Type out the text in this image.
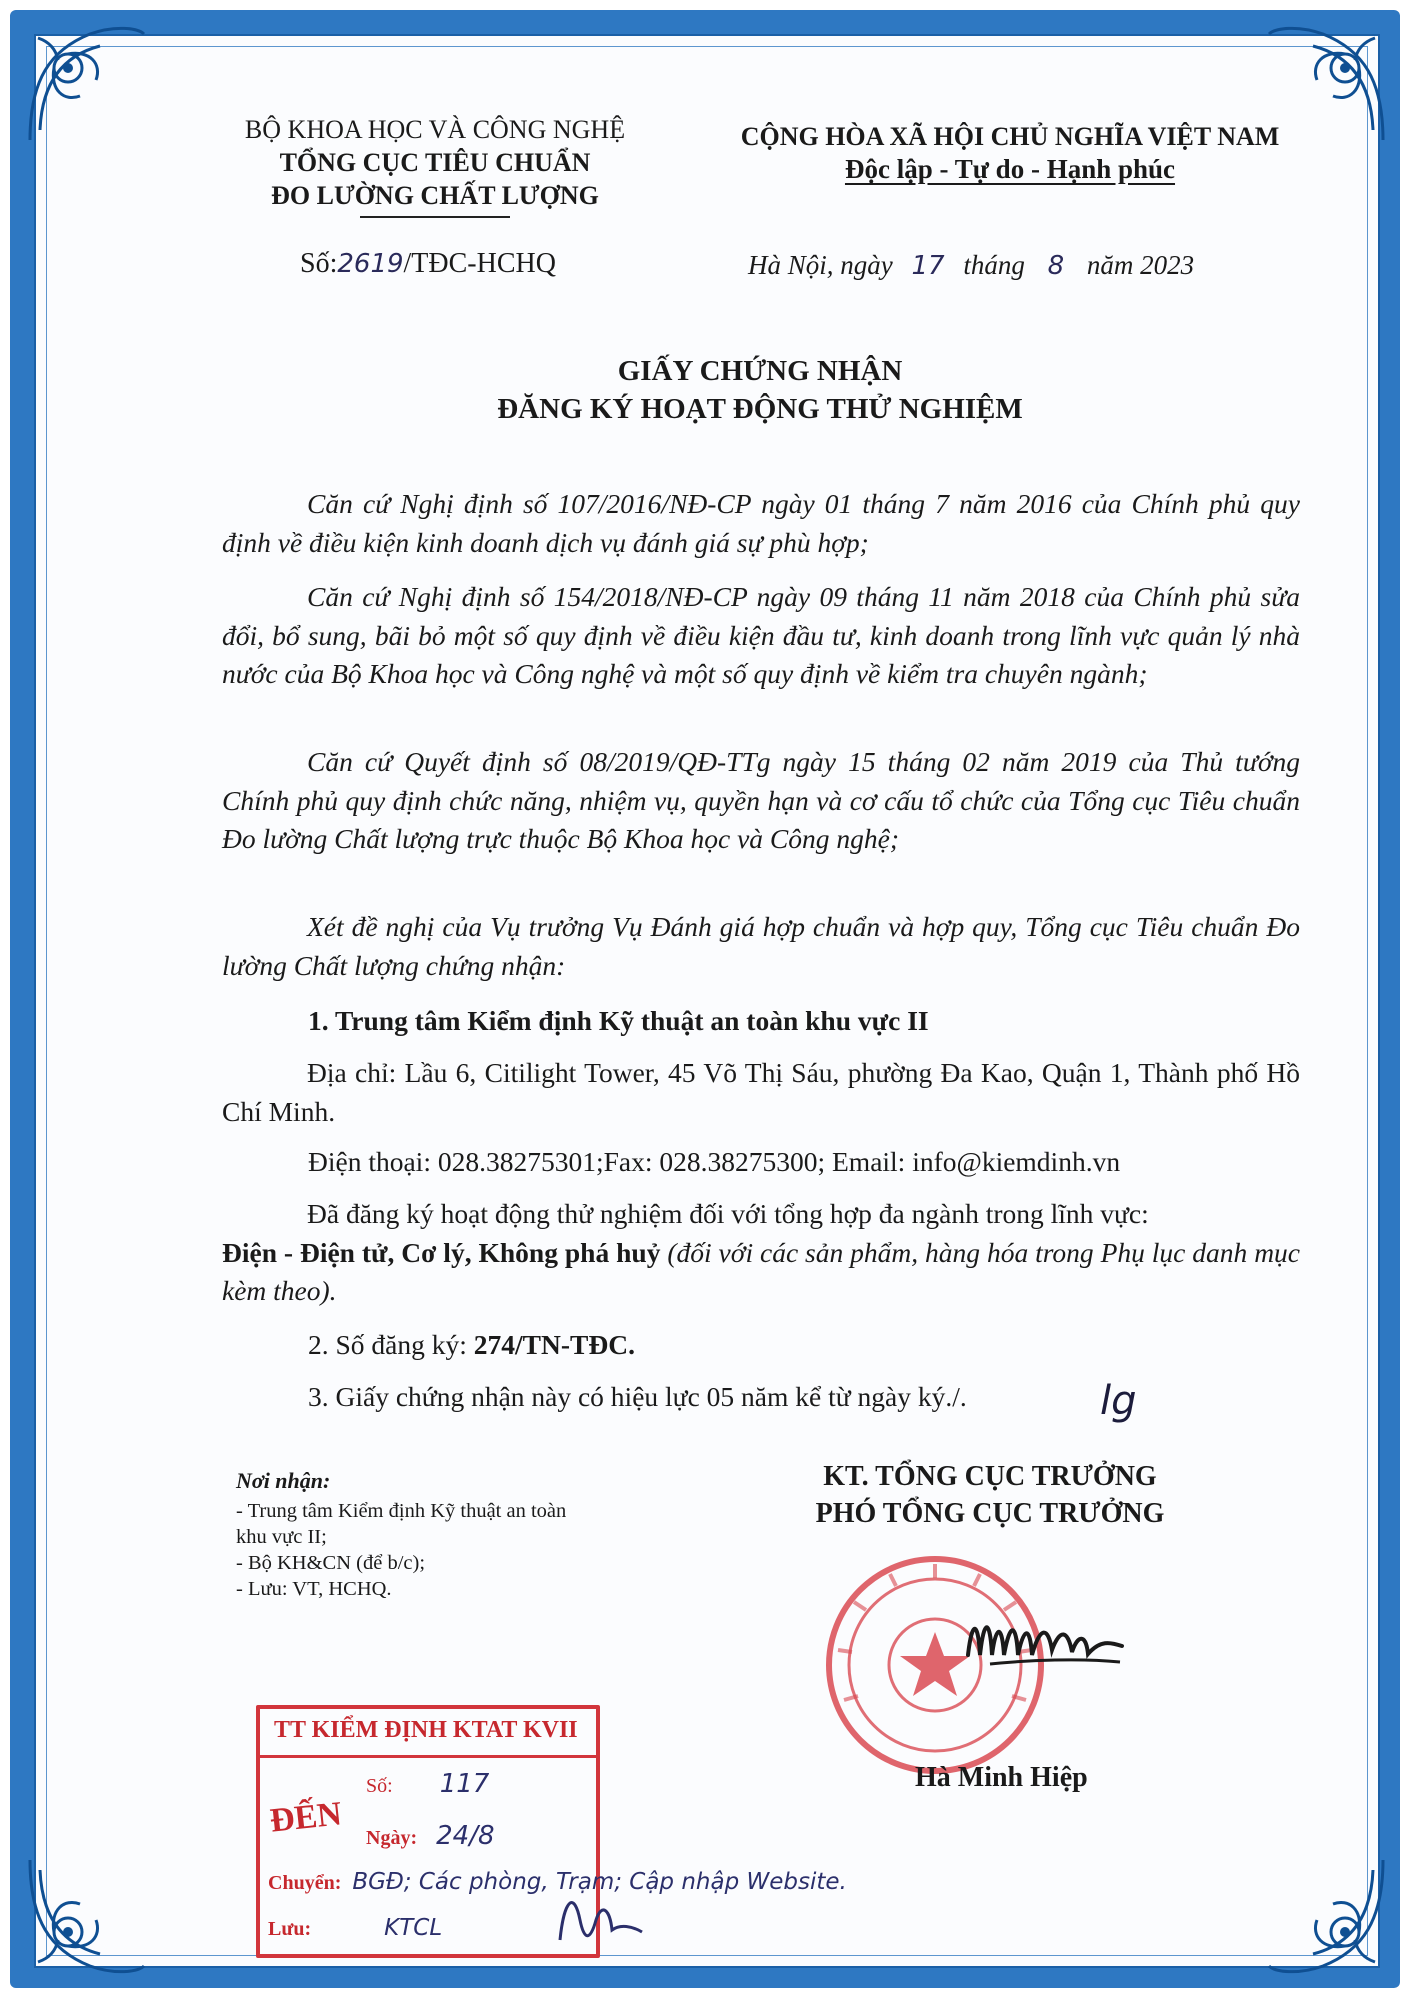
BỘ KHOA HỌC VÀ CÔNG NGHỆ
TỔNG CỤC TIÊU CHUẨN
ĐO LƯỜNG CHẤT LƯỢNG
CỘNG HÒA XÃ HỘI CHỦ NGHĨA VIỆT NAM
Độc lập - Tự do - Hạnh phúc
Số:2619/TĐC-HCHQ	Hà Nội, ngày 17 tháng 8 năm 2023
GIẤY CHỨNG NHẬN
ĐĂNG KÝ HOẠT ĐỘNG THỬ NGHIỆM
Căn cứ Nghị định số 107/2016/NĐ-CP ngày 01 tháng 7 năm 2016 của Chính phủ quy định về điều kiện kinh doanh dịch vụ đánh giá sự phù hợp;
Căn cứ Nghị định số 154/2018/NĐ-CP ngày 09 tháng 11 năm 2018 của Chính phủ sửa đổi, bổ sung, bãi bỏ một số quy định về điều kiện đầu tư, kinh doanh trong lĩnh vực quản lý nhà nước của Bộ Khoa học và Công nghệ và một số quy định về kiểm tra chuyên ngành;
Căn cứ Quyết định số 08/2019/QĐ-TTg ngày 15 tháng 02 năm 2019 của Thủ tướng Chính phủ quy định chức năng, nhiệm vụ, quyền hạn và cơ cấu tổ chức của Tổng cục Tiêu chuẩn Đo lường Chất lượng trực thuộc Bộ Khoa học và Công nghệ;
Xét đề nghị của Vụ trưởng Vụ Đánh giá hợp chuẩn và hợp quy, Tổng cục Tiêu chuẩn Đo lường Chất lượng chứng nhận:
1. Trung tâm Kiểm định Kỹ thuật an toàn khu vực II
Địa chỉ: Lầu 6, Citilight Tower, 45 Võ Thị Sáu, phường Đa Kao, Quận 1, Thành phố Hồ Chí Minh.
Điện thoại: 028.38275301;Fax: 028.38275300; Email: info@kiemdinh.vn
Đã đăng ký hoạt động thử nghiệm đối với tổng hợp đa ngành trong lĩnh vực:
Điện - Điện tử, Cơ lý, Không phá huỷ (đối với các sản phẩm, hàng hóa trong Phụ lục danh mục kèm theo).
2. Số đăng ký: 274/TN-TĐC.
3. Giấy chứng nhận này có hiệu lực 05 năm kể từ ngày ký./.	lg
Nơi nhận:
- Trung tâm Kiểm định Kỹ thuật an toàn
khu vực II;
- Bộ KH&CN (để b/c);
- Lưu: VT, HCHQ.
KT. TỔNG CỤC TRƯỞNG
PHÓ TỔNG CỤC TRƯỞNG
Hà Minh Hiệp
TT KIỂM ĐỊNH KTAT KVII
ĐẾN
Số: 117
Ngày: 24/8
Chuyển: BGĐ; Các phòng, Trạm; Cập nhập Website.
Lưu:	KTCL
